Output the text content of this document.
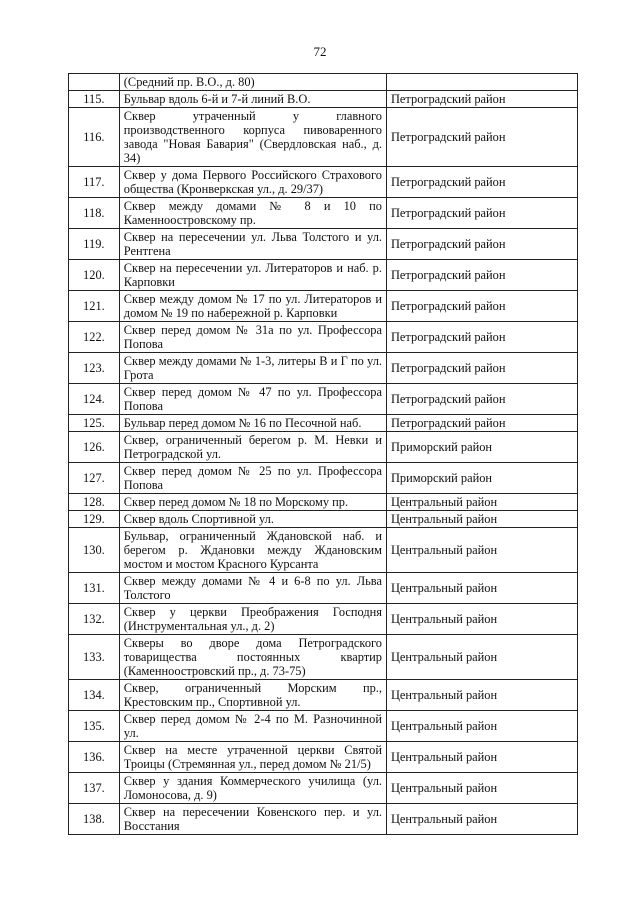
72
	(Средний пр. В.О., д. 80)	
115.	Бульвар вдоль 6-й и 7-й линий В.О.	Петроградский район
116.	Сквер утраченный у главного производственного корпуса пивоваренного завода "Новая Бавария" (Свердловская наб., д. 34)	Петроградский район
117.	Сквер у дома Первого Российского Страхового общества (Кронверкская ул., д. 29/37)	Петроградский район
118.	Сквер между домами № 8 и 10 по Каменноостровскому пр.	Петроградский район
119.	Сквер на пересечении ул. Льва Толстого и ул. Рентгена	Петроградский район
120.	Сквер на пересечении ул. Литераторов и наб. р. Карповки	Петроградский район
121.	Сквер между домом № 17 по ул. Литераторов и домом № 19 по набережной р. Карповки	Петроградский район
122.	Сквер перед домом № 31а по ул. Профессора Попова	Петроградский район
123.	Сквер между домами № 1-3, литеры В и Г по ул. Грота	Петроградский район
124.	Сквер перед домом № 47 по ул. Профессора Попова	Петроградский район
125.	Бульвар перед домом № 16 по Песочной наб.	Петроградский район
126.	Сквер, ограниченный берегом р. М. Невки и Петроградской ул.	Приморский район
127.	Сквер перед домом № 25 по ул. Профессора Попова	Приморский район
128.	Сквер перед домом № 18 по Морскому пр.	Центральный район
129.	Сквер вдоль Спортивной ул.	Центральный район
130.	Бульвар, ограниченный Ждановской наб. и берегом р. Ждановки между Ждановским мостом и мостом Красного Курсанта	Центральный район
131.	Сквер между домами № 4 и 6-8 по ул. Льва Толстого	Центральный район
132.	Сквер у церкви Преображения Господня (Инструментальная ул., д. 2)	Центральный район
133.	Скверы во дворе дома Петроградского товарищества постоянных квартир (Каменноостровский пр., д. 73-75)	Центральный район
134.	Сквер, ограниченный Морским пр., Крестовским пр., Спортивной ул.	Центральный район
135.	Сквер перед домом № 2-4 по М. Разночинной ул.	Центральный район
136.	Сквер на месте утраченной церкви Святой Троицы (Стремянная ул., перед домом № 21/5)	Центральный район
137.	Сквер у здания Коммерческого училища (ул. Ломоносова, д. 9)	Центральный район
138.	Сквер на пересечении Ковенского пер. и ул. Восстания	Центральный район
